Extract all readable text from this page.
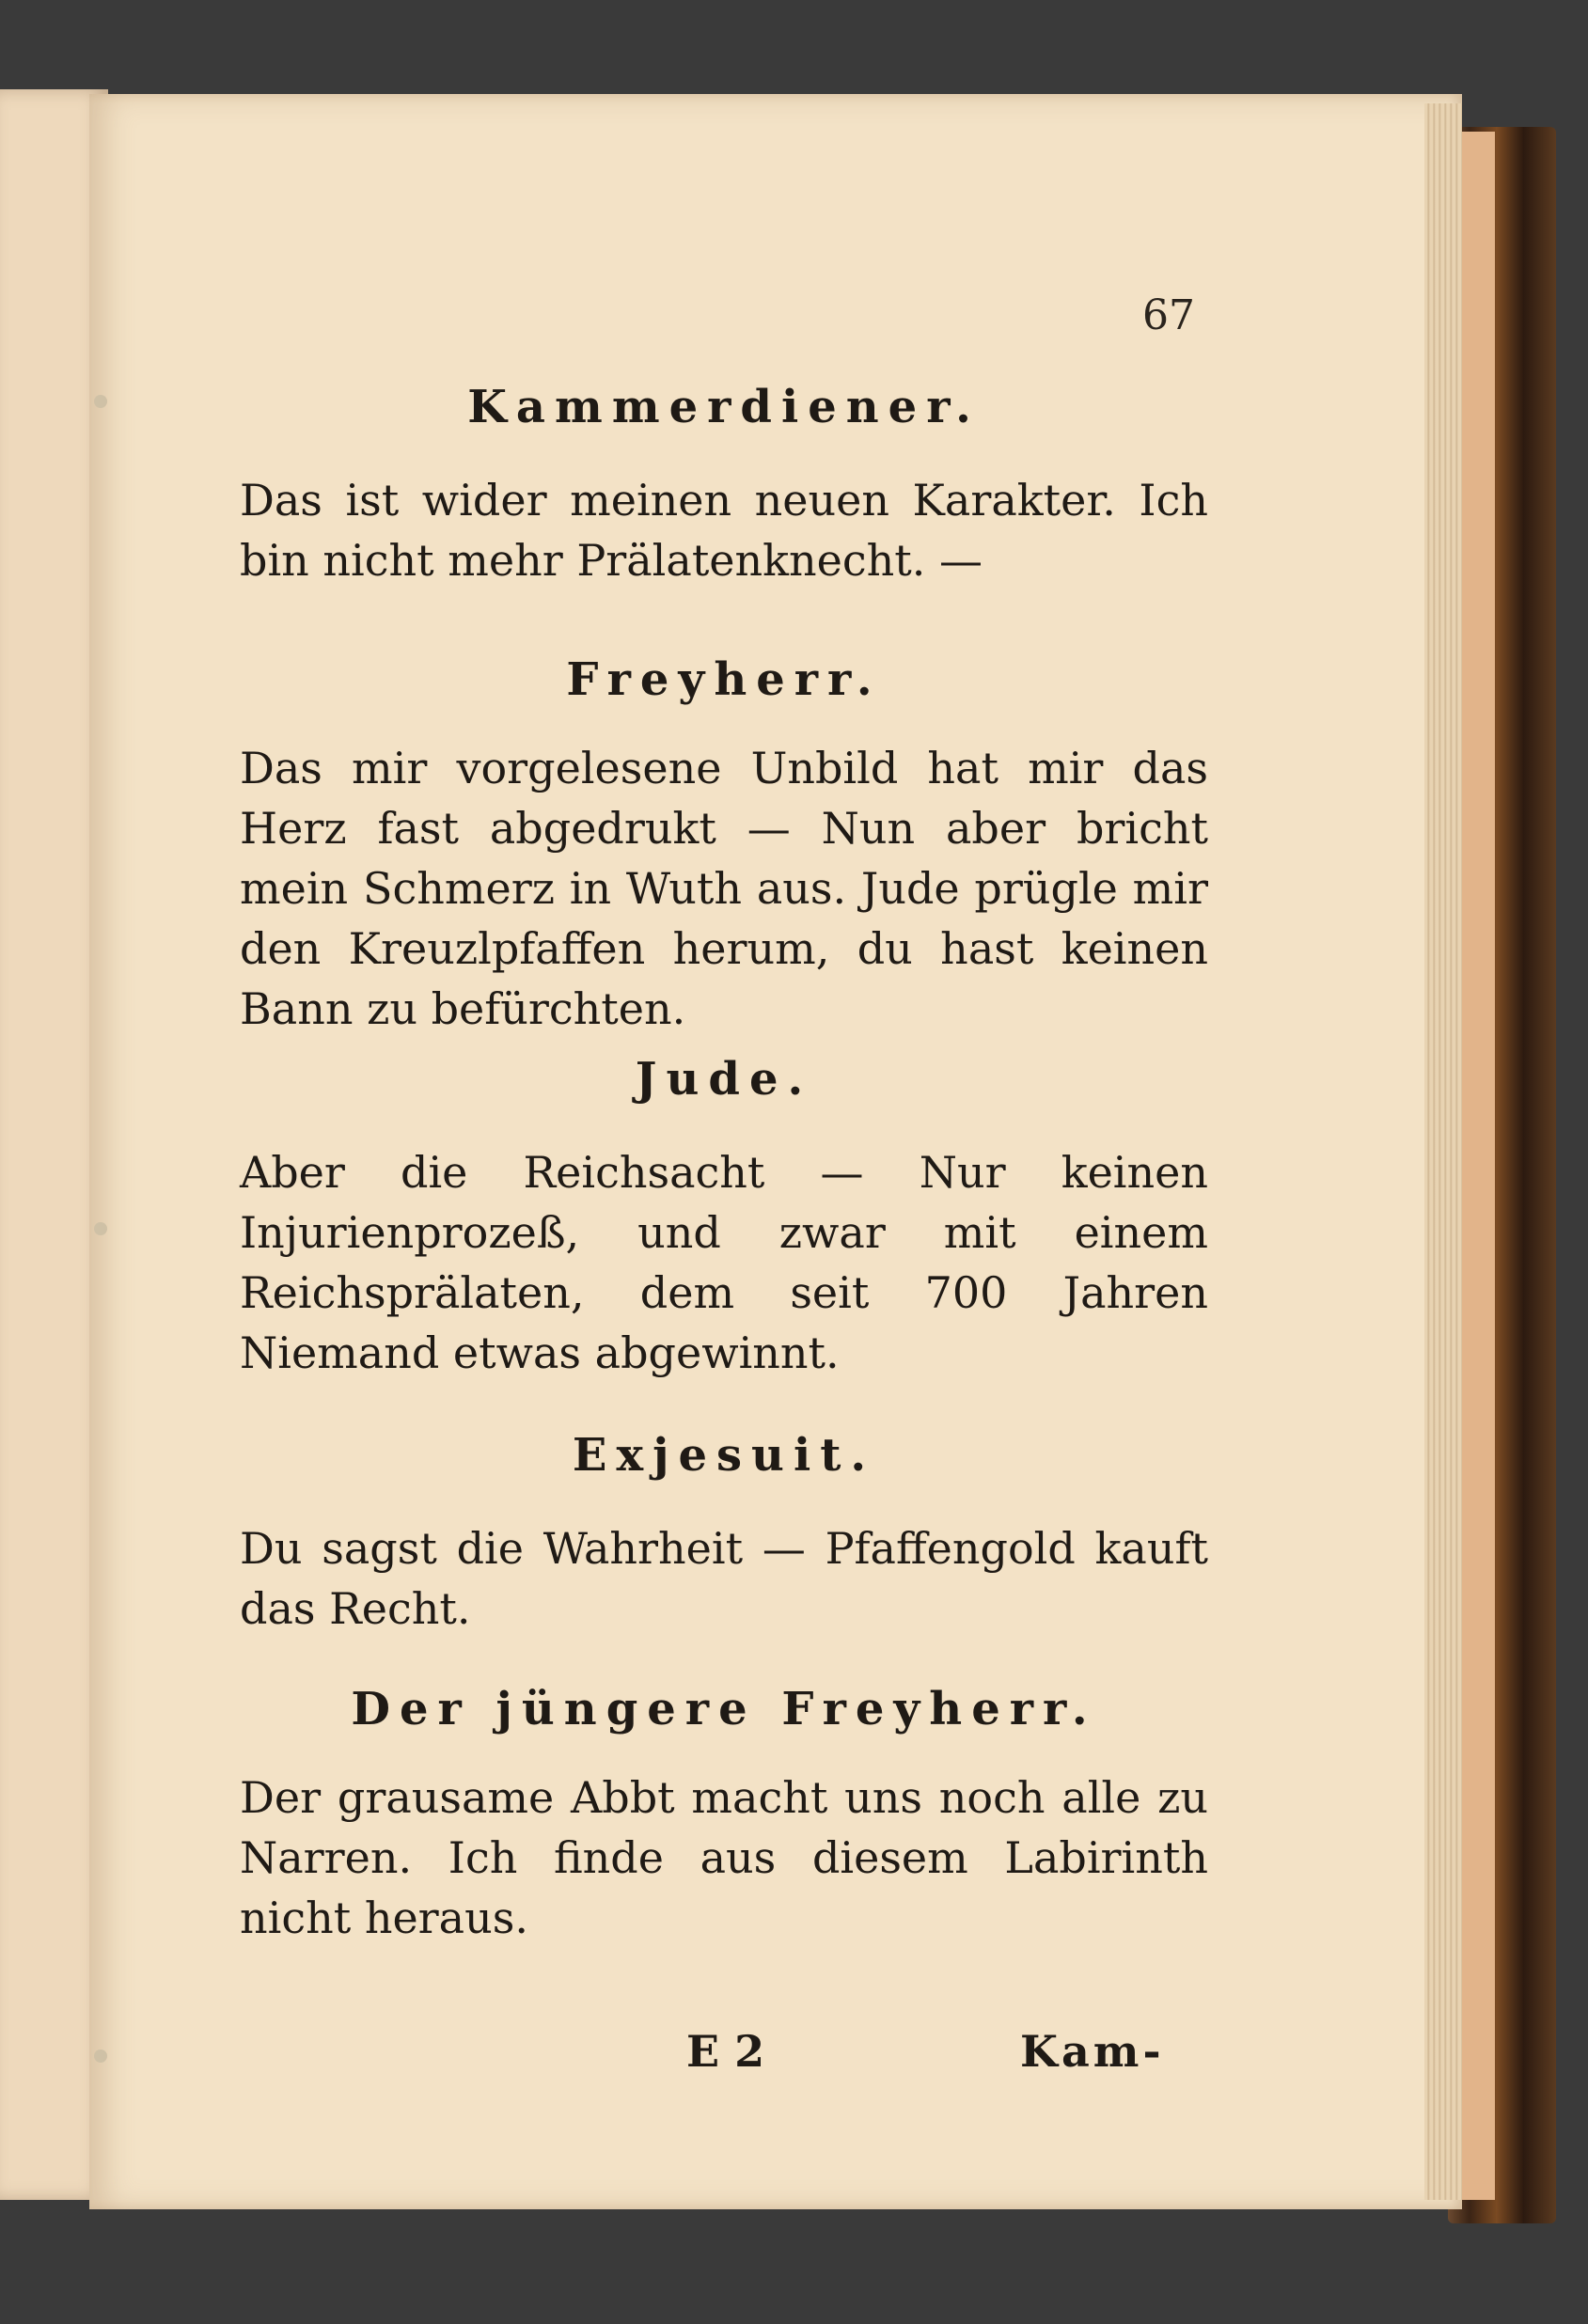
67
Kammerdiener.

Das ist wider meinen neuen Karakter. Ich bin nicht mehr Prälatenknecht. —

Freyherr.

Das mir vorgelesene Unbild hat mir das Herz fast abgedrukt — Nun aber bricht mein Schmerz in Wuth aus. Jude prügle mir den Kreuzlpfaffen herum, du hast keinen Bann zu befürchten.

Jude.

Aber die Reichsacht — Nur keinen Injurienprozeß, und zwar mit einem Reichsprälaten, dem seit 700 Jahren Niemand etwas abgewinnt.

Exjesuit.

Du sagst die Wahrheit — Pfaffengold kauft das Recht.

Der jüngere Freyherr.

Der grausame Abbt macht uns noch alle zu Narren. Ich finde aus diesem Labirinth nicht heraus.

E 2	Kam-
